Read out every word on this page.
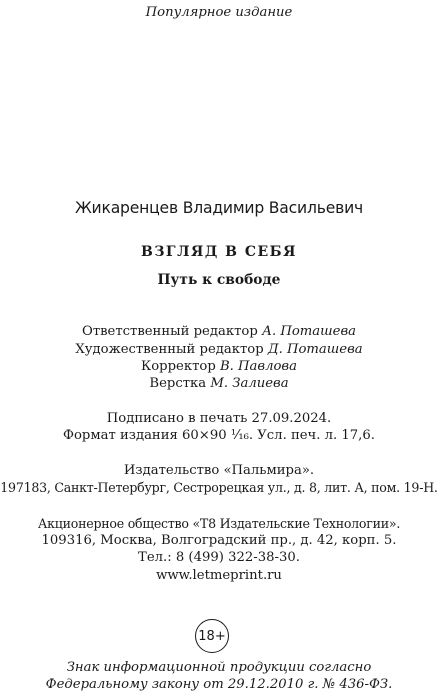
Популярное издание
Жикаренцев Владимир Васильевич
ВЗГЛЯД В СЕБЯ
Путь к свободе
Ответственный редактор А. Поташева
Художественный редактор Д. Поташева
Корректор В. Павлова
Верстка М. Залиева
Подписано в печать 27.09.2024.
Формат издания 60×90 ¹⁄₁₆. Усл. печ. л. 17,6.
Издательство «Пальмира».
197183, Санкт-Петербург, Сестрорецкая ул., д. 8, лит. А, пом. 19-Н.
Акционерное общество «Т8 Издательские Технологии».
109316, Москва, Волгоградский пр., д. 42, корп. 5.
Тел.: 8 (499) 322-38-30.
www.letmeprint.ru
18+
Знак информационной продукции согласно
Федеральному закону от 29.12.2010 г. № 436-ФЗ.
